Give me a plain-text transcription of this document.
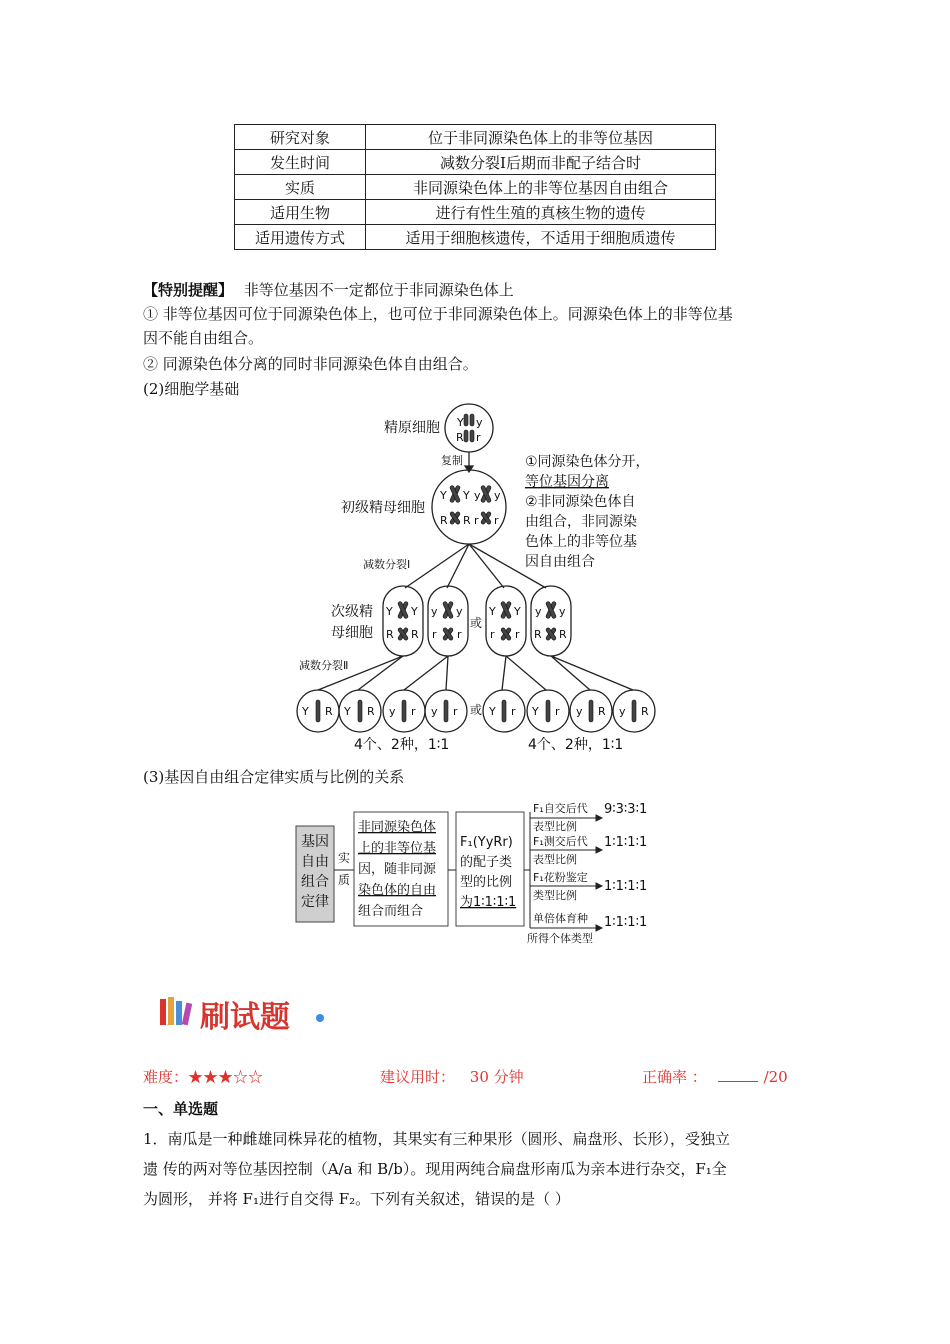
研究对象	位于非同源染色体上的非等位基因
发生时间	减数分裂Ⅰ后期而非配子结合时
实质	非同源染色体上的非等位基因自由组合
适用生物	进行有性生殖的真核生物的遗传
适用遗传方式	适用于细胞核遗传，不适用于细胞质遗传
【特别提醒】 非等位基因不一定都位于非同源染色体上
① 非等位基因可位于同源染色体上，也可位于非同源染色体上。同源染色体上的非等位基
因不能自由组合。
② 同源染色体分离的同时非同源染色体自由组合。
(2)细胞学基础
Y y
R r
Y Y y y
R R r r
Y Y
R R
y y
r r
Y Y
r r
y y
R R
Y R Y R y r y r	Y r Y r y R y R
精原细胞
复制
初级精母细胞
减数分裂Ⅰ
次级精
母细胞
或
或
减数分裂Ⅱ
4个、2种，1∶1	4个、2种，1∶1
①同源染色体分开，
等位基因分离
②非同源染色体自
由组合，非同源染
色体上的非等位基
因自由组合
(3)基因自由组合定律实质与比例的关系
基因
自由
组合
定律
实
质
非同源染色体
上的非等位基
因，随非同源
染色体的自由
组合而组合
F₁(YyRr)
的配子类
型的比例
为1∶1∶1∶1
F₁自交后代
表型比例
F₁测交后代
表型比例
F₁花粉鉴定
类型比例
单倍体育种
所得个体类型
9∶3∶3∶1
1∶1∶1∶1
1∶1∶1∶1
1∶1∶1∶1
刷试题
难度：★★★☆☆	建议用时： 30 分钟	正确率 ：	/20
一、单选题
1．南瓜是一种雌雄同株异花的植物，其果实有三种果形（圆形、扁盘形、长形），受独立
遗 传的两对等位基因控制（A/a 和 B/b）。现用两纯合扁盘形南瓜为亲本进行杂交，F₁全
为圆形， 并将 F₁进行自交得 F₂。下列有关叙述，错误的是（ ）
